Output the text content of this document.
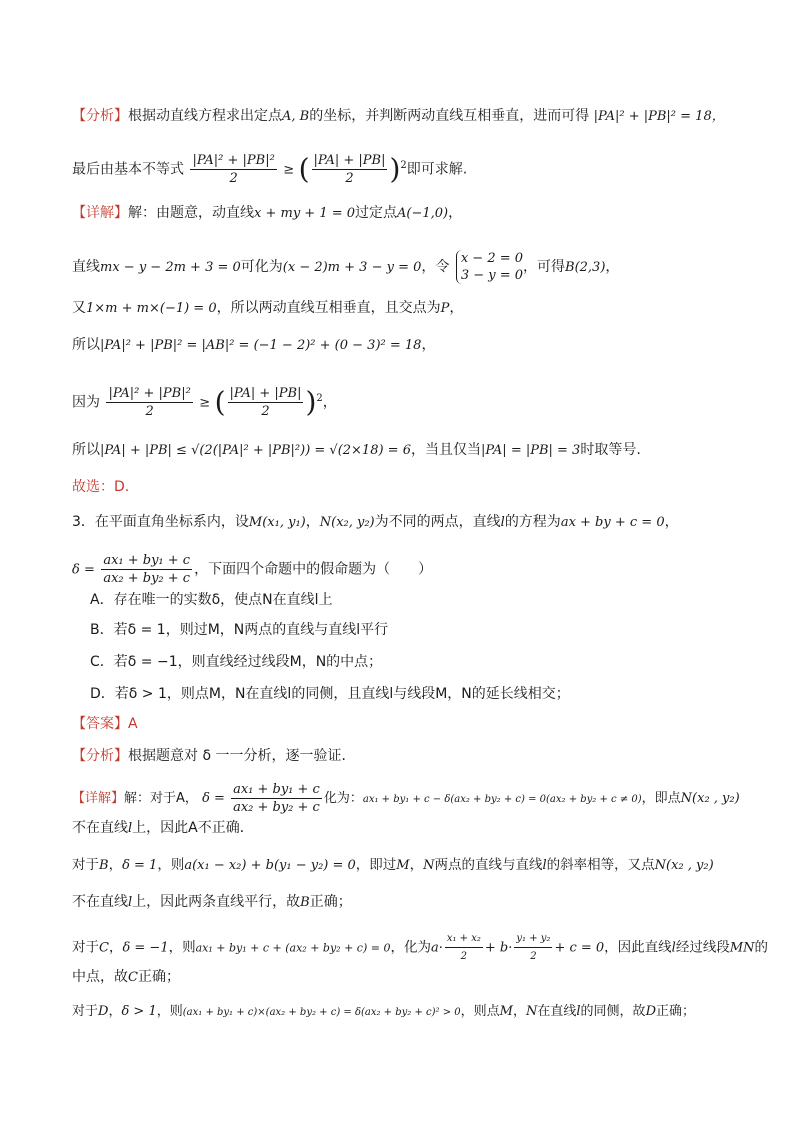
【分析】根据动直线方程求出定点A, B的坐标，并判断两动直线互相垂直，进而可得 |PA|² + |PB|² = 18，
最后由基本不等式 $\frac{\text{|PA|² + |PB|²}}{2}$ ≥ ( $\frac{|PA| + |PB|}{2} )^2$即可求解.
【详解】解：由题意，动直线x + my + 1 = 0过定点A(−1,0)，
直线mx − y − 2m + 3 = 0可化为(x − 2)m + 3 − y = 0，令
x − 2 = 0
3 − y = 0
，可得B(2,3)，
又1×m + m×(−1) = 0，所以两动直线互相垂直，且交点为P，
所以|PA|² + |PB|² = |AB|² = (−1 − 2)² + (0 − 3)² = 18，
因为 $\frac{\text{|PA|² + |PB|²}}{2}$ ≥ ( $\frac{|PA| + |PB|}{2} )^2$，
所以|PA| + |PB| ≤ √(2(|PA|² + |PB|²)) = √(2×18) = 6，当且仅当|PA| = |PB| = 3时取等号.
故选：D.
3．在平面直角坐标系内，设M(x₁, y₁)，N(x₂, y₂)为不同的两点，直线l的方程为ax + by + c = 0，
$\delta = \frac{\text{ax₁ + by₁ + c}}{\text{ax₂ + by₂ + c}}$ ，下面四个命题中的假命题为（　　）
A．存在唯一的实数δ，使点N在直线l上
B．若δ = 1，则过M，N两点的直线与直线l平行
C．若δ = −1，则直线经过线段M，N的中点；
D．若δ > 1，则点M，N在直线l的同侧，且直线l与线段M，N的延长线相交；
【答案】A
【分析】根据题意对 δ 一一分析，逐一验证．
【详解】解：对于A， $\delta = \frac{\text{ax₁ + by₁ + c}}{\text{ax₂ + by₂ + c}}$ 化为：ax₁ + by₁ + c − δ(ax₂ + by₂ + c) = 0(ax₂ + by₂ + c ≠ 0)，即点N(x₂ , y₂)
不在直线l上，因此A不正确．
对于B，δ = 1，则a(x₁ − x₂) + b(y₁ − y₂) = 0，即过M，N两点的直线与直线l的斜率相等，又点N(x₂ , y₂)
不在直线l上，因此两条直线平行，故B正确；
对于C，δ = −1，则ax₁ + by₁ + c + (ax₂ + by₂ + c) = 0，化为$a\cdot \frac{\text{x₁ + x₂}}{2} + b\cdot \frac{\text{y₁ + y₂}}{2} + c = 0$，因此直线l经过线段MN的
中点，故C正确；
对于D，δ > 1，则(ax₁ + by₁ + c)×(ax₂ + by₂ + c) = δ(ax₂ + by₂ + c)² > 0，则点M，N在直线l的同侧，故D正确；
